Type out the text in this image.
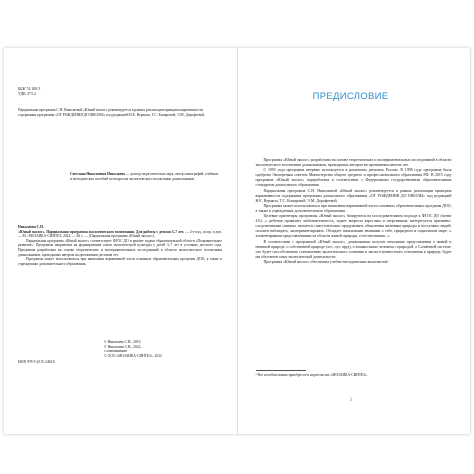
ББК 74.100.5
УДК 373.2
Парциальная программа С.Н. Николаевой «Юный эколог» рекомендуется в рамках реализации принципа вариативности содержания программы «ОТ РОЖДЕНИЯ ДО ШКОЛЫ» под редакцией Н.Е. Вераксы, Т.С. Комаровой, Э.М. Дорофеевой.
Светлана Николаевна Николаева — доктор педагогических наук, автор монографий, учебных и методических пособий по вопросам экологического воспитания дошкольников.
Николаева С.Н.

«Юный эколог». Парциальная программа экологического воспитания. Для работы с детьми 3–7 лет. — 2-е изд., испр. и доп. — М.: МОЗАИКА-СИНТЕЗ, 2022. — 96 с. — (Парциальная программа «Юный эколог»).

Парциальная программа «Юный эколог» соответствует ФГОС ДО и решает задачи образовательной области «Познавательное развитие». Программа направлена на формирование основ экологической культуры у детей 3–7 лет в условиях детского сада. Программа разработана на основе теоретических и экспериментальных исследований в области экологического воспитания дошкольников, проводимых автором на протяжении десятков лет.

Программа может использоваться при написании вариативной части основных образовательных программ ДОО, а также в учреждениях дополнительного образования.

© Николаева С.Н., 2016
© Николаева С.Н., 2022,
с изменениями
© ООО «МОЗАИКА-СИНТЕЗ», 2022
ISBN 978-5-4315-2482-0
ПРЕДИСЛОВИЕ

Программа «Юный эколог» разработана на основе теоретических и экспериментальных исследований в области экологического воспитания дошкольников, проводимых автором на протяжении многих лет.

С 1993 года программа впервые используется в различных регионах России. В 1998 году программа была одобрена Экспертным советом Министерства общего среднего и профессионального образования РФ. В 2015 году программа «Юный эколог» переработана в соответствии с Федеральным государственным образовательным стандартом дошкольного образования.

Парциальная программа С.Н. Николаевой «Юный эколог» рекомендуется в рамках реализации принципа вариативности содержания программы дошкольного образования «ОТ РОЖДЕНИЯ ДО ШКОЛЫ» под редакцией Н.Е. Вераксы, Т.С. Комаровой, Э.М. Дорофеевой.

Программа может использоваться при написании вариативной части основных образовательных программ ДОО, а также в учреждениях дополнительного образования.

Целевые ориентиры программы «Юный эколог» базируются на последовательном подходе к ФГОС ДО (пункт 4.6): «...ребенок проявляет любознательность, задает вопросы взрослым и сверстникам, интересуется причинно-следственными связями, пытается самостоятельно придумывать объяснения явлениям природы и поступкам людей; склонен наблюдать, экспериментировать. Обладает начальными знаниями о себе, природном и социальном мире...» элементарными представлениями из области живой природы, естествознания...».

В соответствии с программой «Юный эколог», дошкольники получат начальные представления о живой и неживой природе, о собственной природе (лес, луг, пруд), о взаимосвязях человека с природой, о Солнечной системе, что будет способствовать становлению экологического сознания и эколого-ценностного отношения к природе, будет им обеспечен опыт экологической деятельности.

Программа «Юный эколог» обеспечена учебно-методическим комплектом¹.

¹ Все пособия можно приобрести в издательстве «МОЗАИКА-СИНТЕЗ».
3
